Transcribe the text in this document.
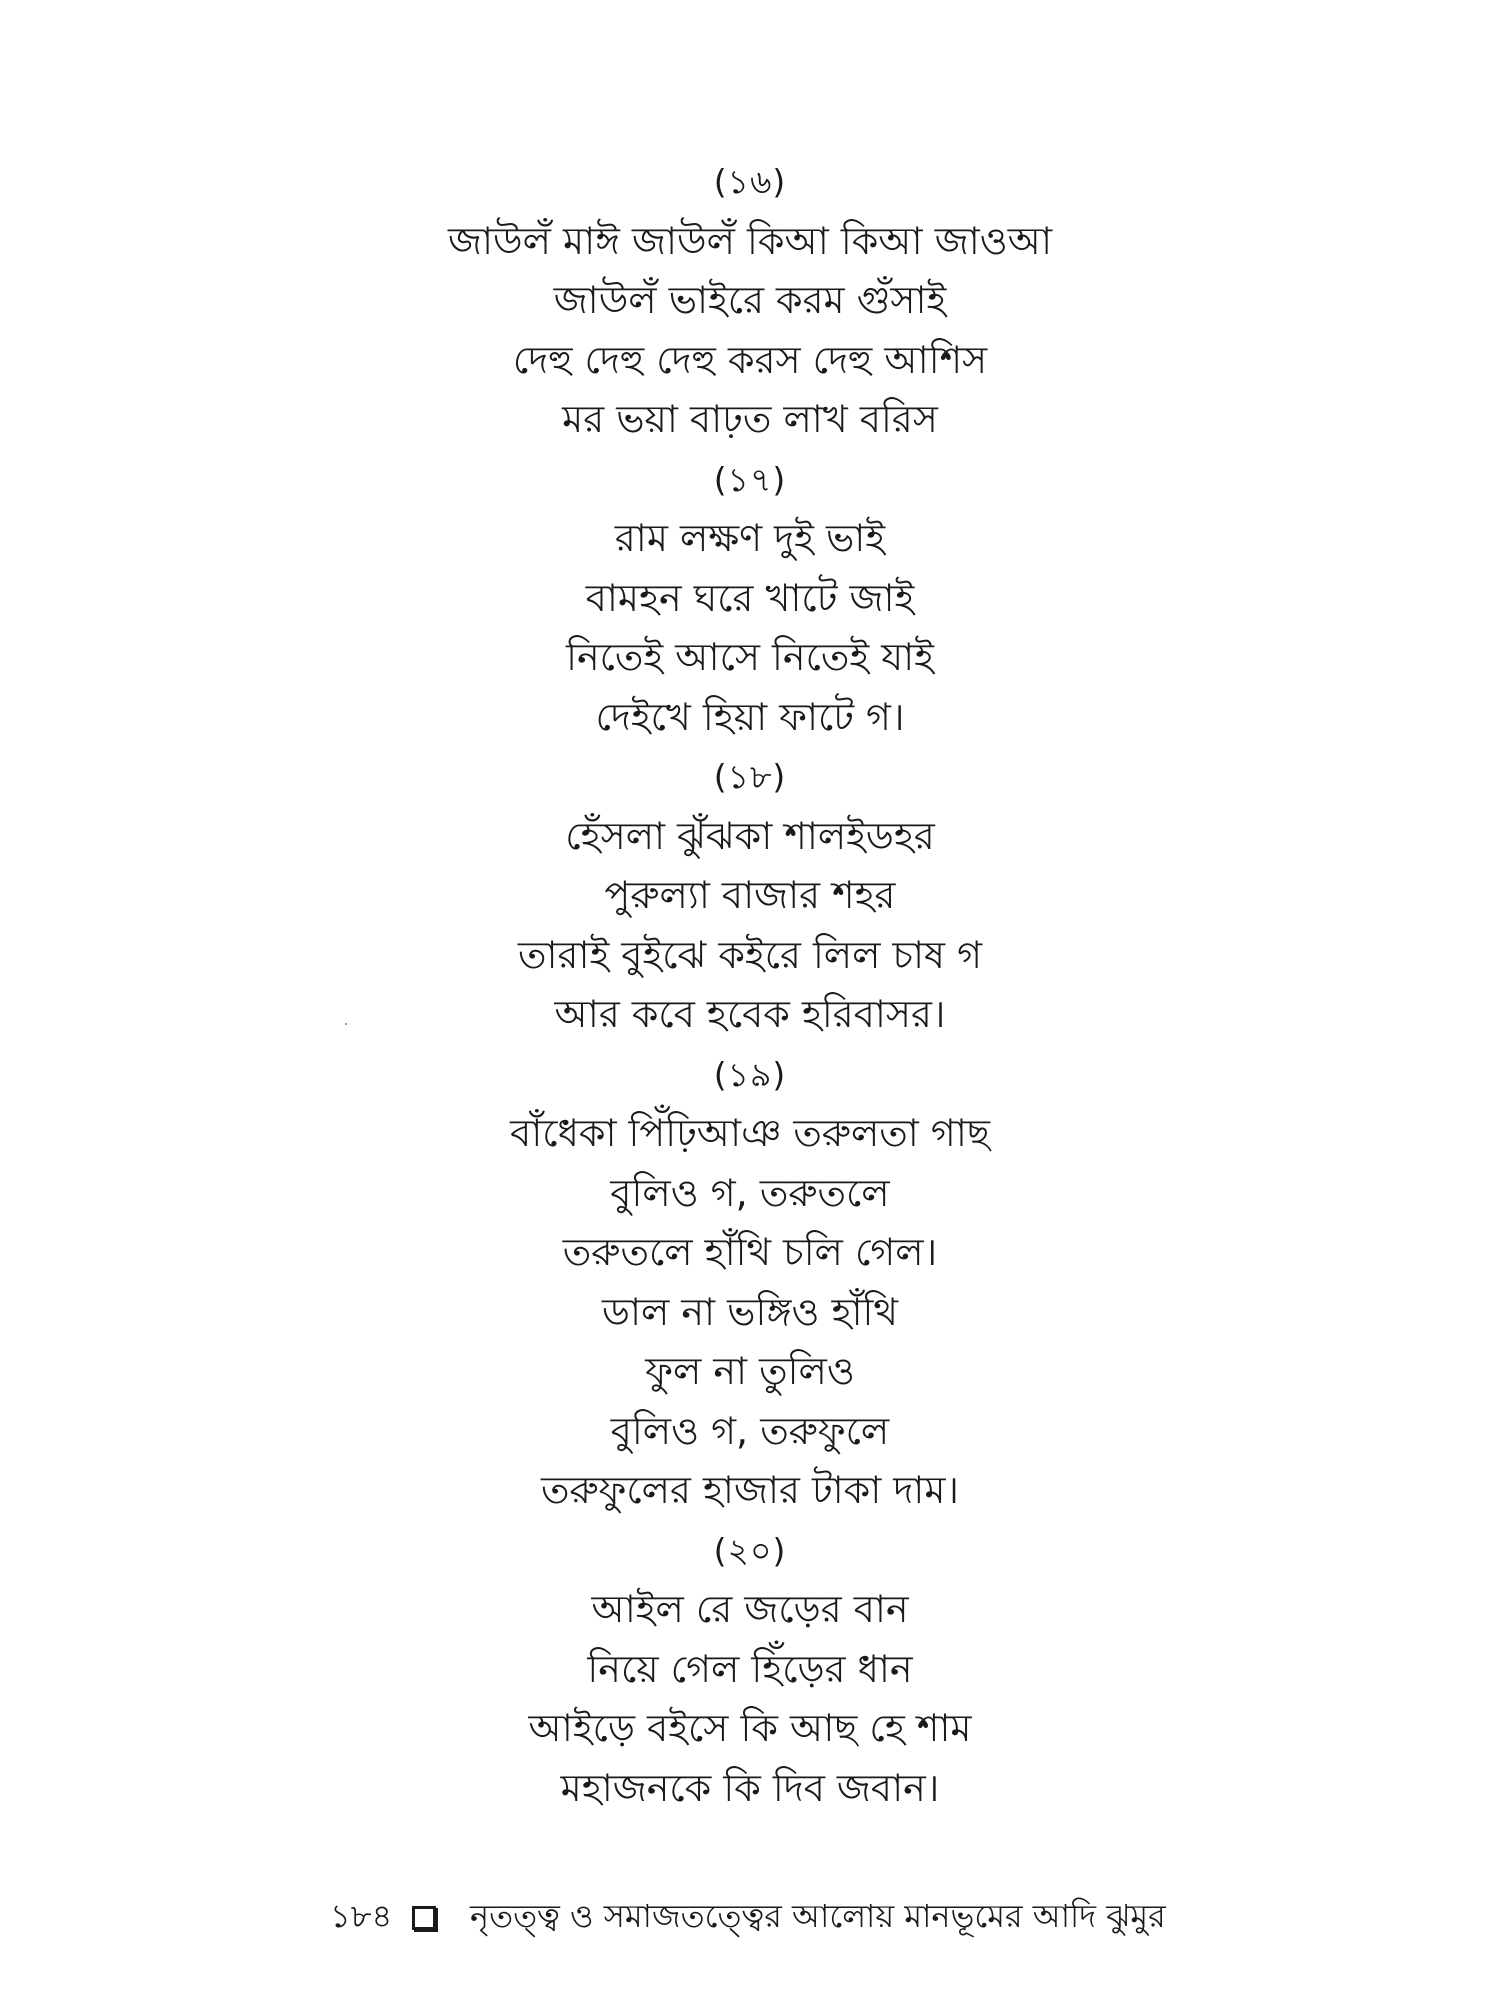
(১৬)
জাউলঁ মাঈ জাউলঁ কিআ কিআ জাওআ
জাউলঁ ভাইরে করম গুঁসাই
দেহু দেহু দেহু করস দেহু আশিস
মর ভয়া বাঢ়ত লাখ বরিস
(১৭)
রাম লক্ষণ দুই ভাই
বামহন ঘরে খাটে জাই
নিতেই আসে নিতেই যাই
দেইখে হিয়া ফাটে গ।
(১৮)
হেঁসলা ঝুঁঝকা শালইডহর
পুরুল্যা বাজার শহর
তারাই বুইঝে কইরে লিল চাষ গ
আর কবে হবেক হরিবাসর।
(১৯)
বাঁধেকা পিঁঢ়িআঞ তরুলতা গাছ
বুলিও গ, তরুতলে
তরুতলে হাঁথি চলি গেল।
ডাল না ভঙ্গিও হাঁথি
ফুল না তুলিও
বুলিও গ, তরুফুলে
তরুফুলের হাজার টাকা দাম।
(২০)
আইল রে জড়ের বান
নিয়ে গেল হিঁড়ের ধান
আইড়ে বইসে কি আছ হে শাম
মহাজনকে কি দিব জবান।
১৮৪	নৃতত্ত্ব ও সমাজতত্ত্বের আলোয় মানভূমের আদি ঝুমুর
